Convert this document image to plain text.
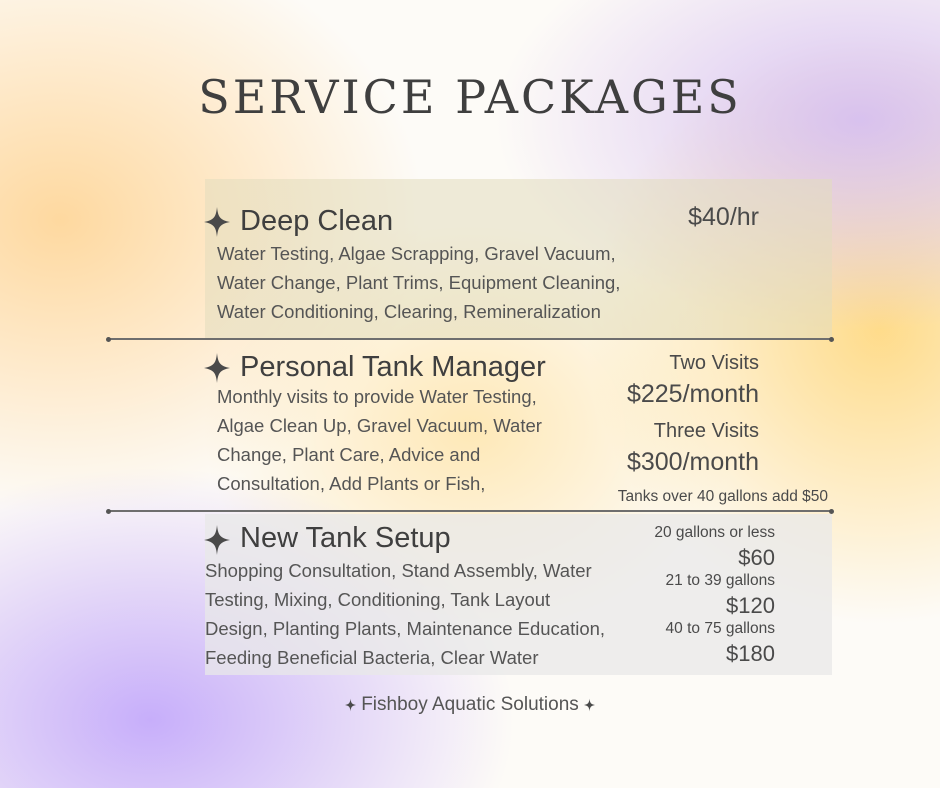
SERVICE PACKAGES
Deep Clean
Water Testing, Algae Scrapping, Gravel Vacuum,
Water Change, Plant Trims, Equipment Cleaning,
Water Conditioning, Clearing, Remineralization
$40/hr
Personal Tank Manager
Monthly visits to provide Water Testing,
Algae Clean Up, Gravel Vacuum, Water
Change, Plant Care, Advice and
Consultation, Add Plants or Fish,
Two Visits
$225/month
Three Visits
$300/month
Tanks over 40 gallons add $50
New Tank Setup
Shopping Consultation, Stand Assembly, Water
Testing, Mixing, Conditioning, Tank Layout
Design, Planting Plants, Maintenance Education,
Feeding Beneficial Bacteria, Clear Water
20 gallons or less
$60
21 to 39 gallons
$120
40 to 75 gallons
$180
Fishboy Aquatic Solutions
